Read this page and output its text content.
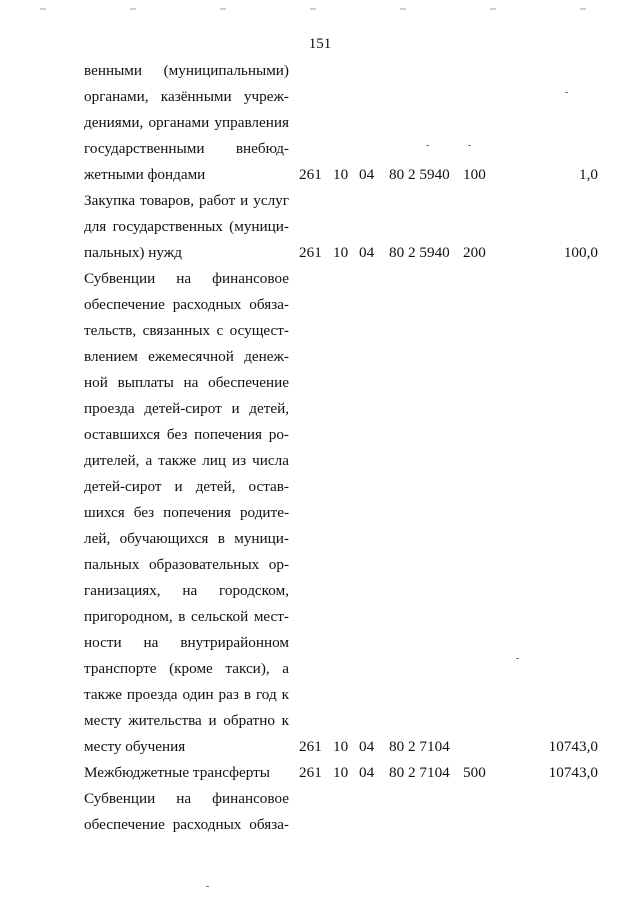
151
венными (муниципальными)
органами, казёнными учреж-
дениями, органами управления
государственными внебюд-
жетными фондами	261 10 04 80 2 5940 100	1,0
Закупка товаров, работ и услуг
для государственных (муници-
пальных) нужд	261 10 04 80 2 5940 200	100,0
Субвенции на финансовое
обеспечение расходных обяза-
тельств, связанных с осущест-
влением ежемесячной денеж-
ной выплаты на обеспечение
проезда детей-сирот и детей,
оставшихся без попечения ро-
дителей, а также лиц из числа
детей-сирот и детей, остав-
шихся без попечения родите-
лей, обучающихся в муници-
пальных образовательных ор-
ганизациях, на городском,
пригородном, в сельской мест-
ности на внутрирайонном
транспорте (кроме такси), а
также проезда один раз в год к
месту жительства и обратно к
месту обучения	261 10 04 80 2 7104	10743,0
Межбюджетные трансферты 261 10 04 80 2 7104 500	10743,0
Субвенции на финансовое
обеспечение расходных обяза-
